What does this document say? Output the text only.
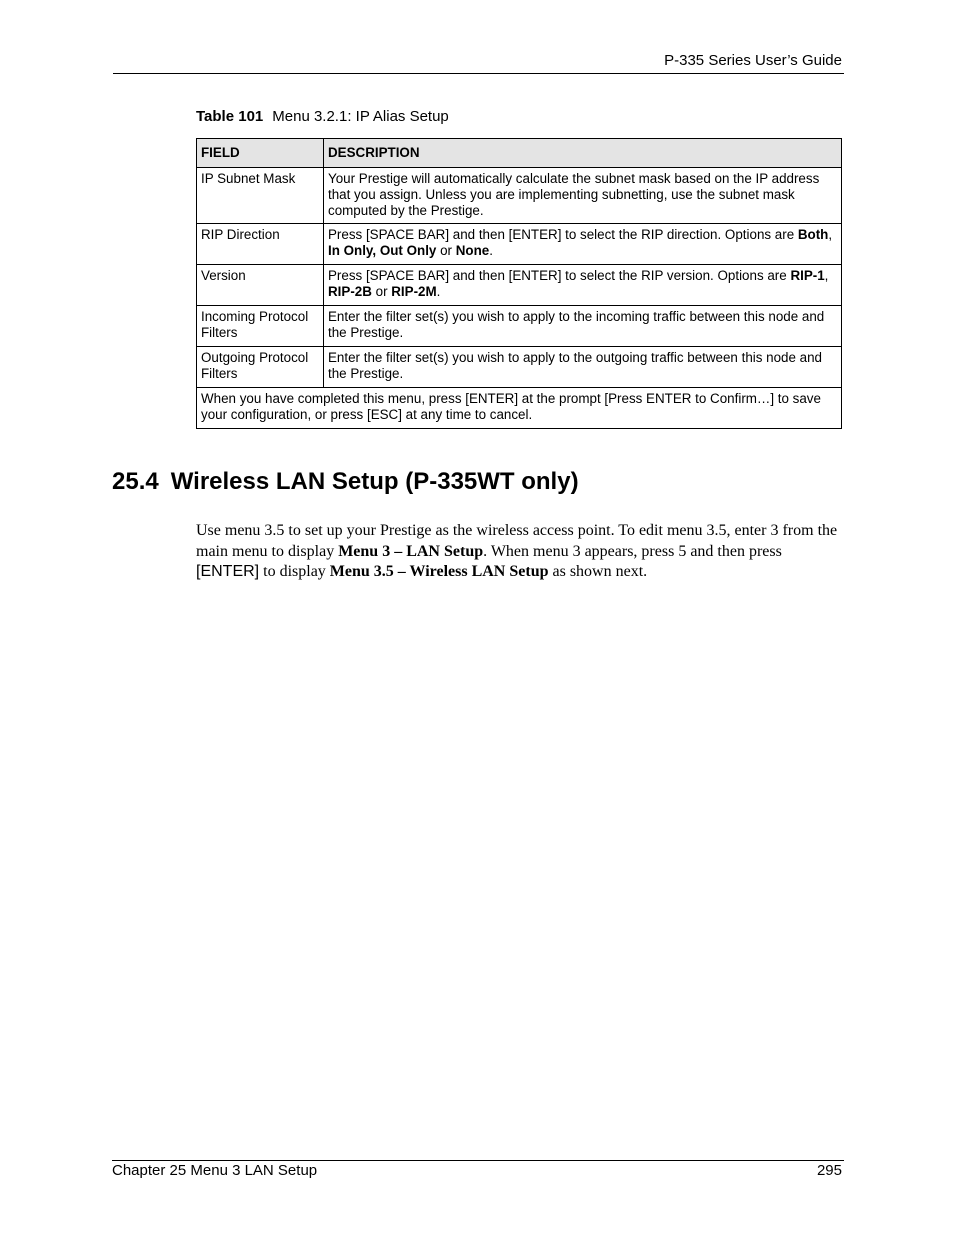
P-335 Series User’s Guide
Table 101 Menu 3.2.1: IP Alias Setup
FIELD	DESCRIPTION
IP Subnet Mask	Your Prestige will automatically calculate the subnet mask based on the IP address that you assign. Unless you are implementing subnetting, use the subnet mask computed by the Prestige.
RIP Direction	Press [SPACE BAR] and then [ENTER] to select the RIP direction. Options are Both, In Only, Out Only or None.
Version	Press [SPACE BAR] and then [ENTER] to select the RIP version. Options are RIP-1, RIP-2B or RIP-2M.
Incoming Protocol Filters	Enter the filter set(s) you wish to apply to the incoming traffic between this node and the Prestige.
Outgoing Protocol Filters	Enter the filter set(s) you wish to apply to the outgoing traffic between this node and the Prestige.
When you have completed this menu, press [ENTER] at the prompt [Press ENTER to Confirm…] to save your configuration, or press [ESC] at any time to cancel.	
25.4 Wireless LAN Setup (P-335WT only)

Use menu 3.5 to set up your Prestige as the wireless access point. To edit menu 3.5, enter 3 from the main menu to display Menu 3 – LAN Setup. When menu 3 appears, press 5 and then press [ENTER] to display Menu 3.5 – Wireless LAN Setup as shown next.

Chapter 25 Menu 3 LAN Setup	295
